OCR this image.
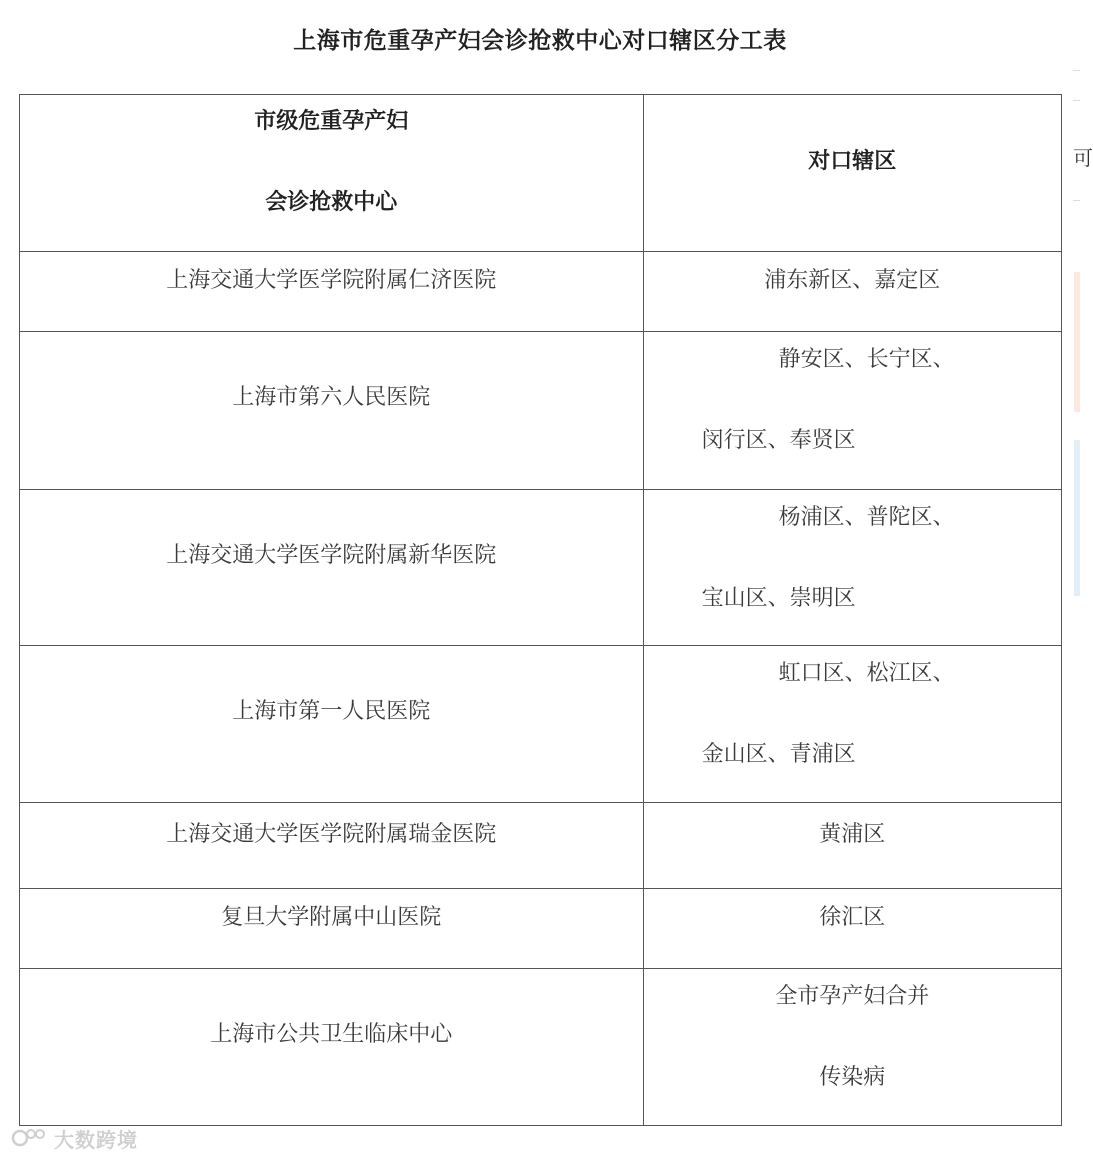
上海市危重孕产妇会诊抢救中心对口辖区分工表
市级危重孕产妇
会诊抢救中心	对口辖区

上海交通大学医学院附属仁济医院	浦东新区、嘉定区

上海市第六人民医院	静安区、长宁区、
闵行区、奉贤区

上海交通大学医学院附属新华医院	杨浦区、普陀区、
宝山区、崇明区

上海市第一人民医院	虹口区、松江区、
金山区、青浦区

上海交通大学医学院附属瑞金医院	黄浦区

复旦大学附属中山医院	徐汇区

上海市公共卫生临床中心	全市孕产妇合并
传染病
可
大数跨境
